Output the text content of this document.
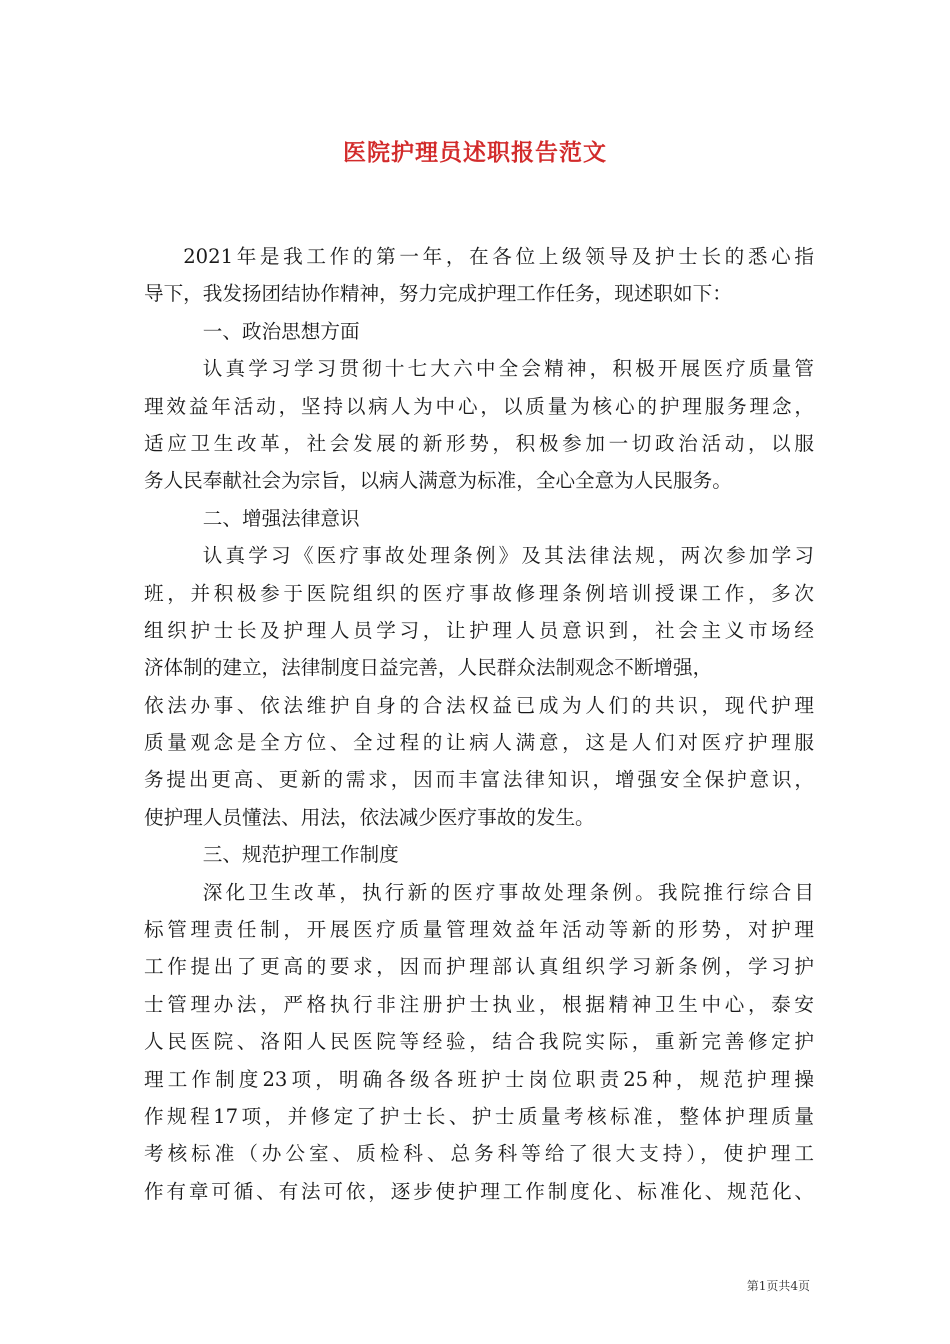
医院护理员述职报告范文
2021年是我工作的第一年，在各位上级领导及护士长的悉心指
导下，我发扬团结协作精神，努力完成护理工作任务，现述职如下：
一、政治思想方面
认真学习学习贯彻十七大六中全会精神，积极开展医疗质量管
理效益年活动，坚持以病人为中心，以质量为核心的护理服务理念，
适应卫生改革，社会发展的新形势，积极参加一切政治活动，以服
务人民奉献社会为宗旨，以病人满意为标准，全心全意为人民服务。
二、增强法律意识
认真学习《医疗事故处理条例》及其法律法规，两次参加学习
班，并积极参于医院组织的医疗事故修理条例培训授课工作，多次
组织护士长及护理人员学习，让护理人员意识到，社会主义市场经
济体制的建立，法律制度日益完善，人民群众法制观念不断增强，
依法办事、依法维护自身的合法权益已成为人们的共识，现代护理
质量观念是全方位、全过程的让病人满意，这是人们对医疗护理服
务提出更高、更新的需求，因而丰富法律知识，增强安全保护意识，
使护理人员懂法、用法，依法减少医疗事故的发生。
三、规范护理工作制度
深化卫生改革，执行新的医疗事故处理条例。我院推行综合目
标管理责任制，开展医疗质量管理效益年活动等新的形势，对护理
工作提出了更高的要求，因而护理部认真组织学习新条例，学习护
士管理办法，严格执行非注册护士执业，根据精神卫生中心，泰安
人民医院、洛阳人民医院等经验，结合我院实际，重新完善修定护
理工作制度23项，明确各级各班护士岗位职责25种，规范护理操
作规程17项，并修定了护士长、护士质量考核标准，整体护理质量
考核标准（办公室、质检科、总务科等给了很大支持），使护理工
作有章可循、有法可依，逐步使护理工作制度化、标准化、规范化、
第1页共4页
